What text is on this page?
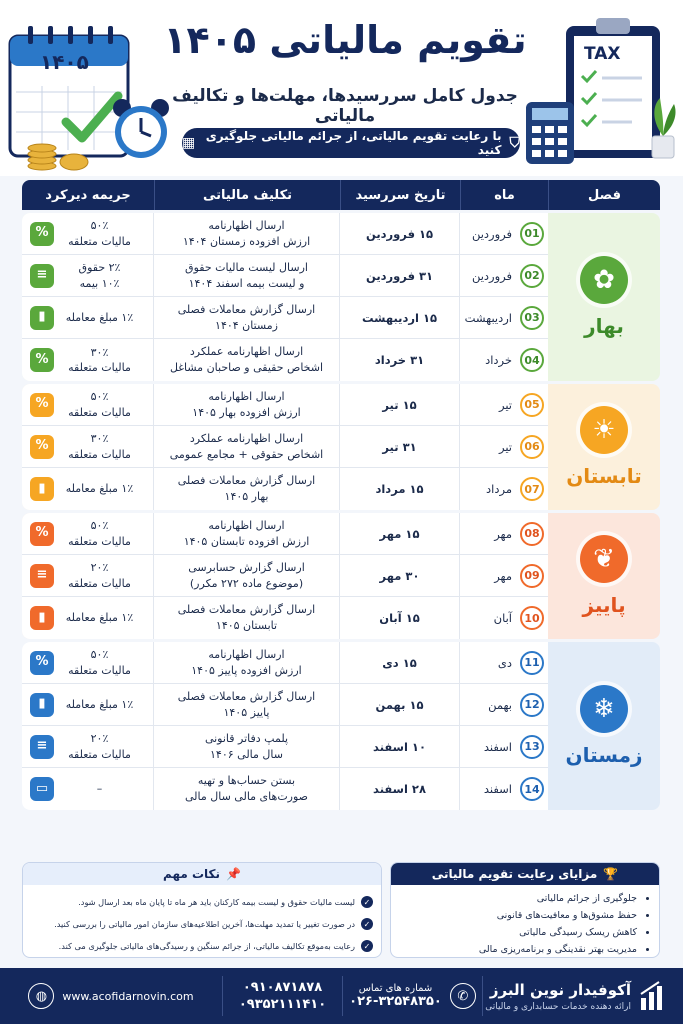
۱۴۰۵	TAX
تقویم مالیاتی ۱۴۰۵
جدول کامل سررسیدها، مهلت‌ها و تکالیف مالیاتی
⛉
با رعایت تقویم مالیاتی، از جرائم مالیاتی جلوگیری کنید
▦
فصل
ماه
تاریخ سررسید
تکلیف مالیاتی
جریمه دیرکرد
✿
بهار
01
فروردین
۱۵ فروردین
ارسال اظهارنامه
ارزش افزوده زمستان ۱۴۰۴
۵۰٪
مالیات متعلقه
%
02
فروردین
۳۱ فروردین
ارسال لیست مالیات حقوق
و لیست بیمه اسفند ۱۴۰۴
۲٪ حقوق
۱۰٪ بیمه
≡
03
اردیبهشت
۱۵ اردیبهشت
ارسال گزارش معاملات فصلی
زمستان ۱۴۰۴
۱٪ مبلغ معامله
▮
04
خرداد
۳۱ خرداد
ارسال اظهارنامه عملکرد
اشخاص حقیقی و صاحبان مشاغل
۳۰٪
مالیات متعلقه
%
☀
تابستان
05
تیر
۱۵ تیر
ارسال اظهارنامه
ارزش افزوده بهار ۱۴۰۵
۵۰٪
مالیات متعلقه
%
06
تیر
۳۱ تیر
ارسال اظهارنامه عملکرد
اشخاص حقوقی + مجامع عمومی
۳۰٪
مالیات متعلقه
%
07
مرداد
۱۵ مرداد
ارسال گزارش معاملات فصلی
بهار ۱۴۰۵
۱٪ مبلغ معامله
▮
❦
پاییز
08
مهر
۱۵ مهر
ارسال اظهارنامه
ارزش افزوده تابستان ۱۴۰۵
۵۰٪
مالیات متعلقه
%
09
مهر
۳۰ مهر
ارسال گزارش حسابرسی
(موضوع ماده ۲۷۲ مکرر)
۲۰٪
مالیات متعلقه
≡
10
آبان
۱۵ آبان
ارسال گزارش معاملات فصلی
تابستان ۱۴۰۵
۱٪ مبلغ معامله
▮
❄
زمستان
11
دی
۱۵ دی
ارسال اظهارنامه
ارزش افزوده پاییز ۱۴۰۵
۵۰٪
مالیات متعلقه
%
12
بهمن
۱۵ بهمن
ارسال گزارش معاملات فصلی
پاییز ۱۴۰۵
۱٪ مبلغ معامله
▮
13
اسفند
۱۰ اسفند
پلمپ دفاتر قانونی
سال مالی ۱۴۰۶
۲۰٪
مالیات متعلقه
≡
14
اسفند
۲۸ اسفند
بستن حساب‌ها و تهیه
صورت‌های مالی سال مالی
–
▭
📌
نکات مهم
✓
لیست مالیات حقوق و لیست بیمه کارکنان باید هر ماه تا پایان ماه بعد ارسال شود.
✓
در صورت تغییر یا تمدید مهلت‌ها، آخرین اطلاعیه‌های سازمان امور مالیاتی را بررسی کنید.
✓
رعایت به‌موقع تکالیف مالیاتی، از جرائم سنگین و رسیدگی‌های مالیاتی جلوگیری می کند.
🏆
مزایای رعایت تقویم مالیاتی
• جلوگیری از جرائم مالیاتی
• حفظ مشوق‌ها و معافیت‌های قانونی
• کاهش ریسک رسیدگی مالیاتی
• مدیریت بهتر نقدینگی و برنامه‌ریزی مالی
آکوفیدار نوین البرز
ارائه دهنده خدمات حسابداری و مالیاتی
✆
شماره های تماس
۰۲۶-۳۲۵۴۸۳۵۰
۰۹۱۰۸۷۱۸۷۸
۰۹۳۵۲۱۱۱۴۱۰
◍	www.acofidarnovin.com
